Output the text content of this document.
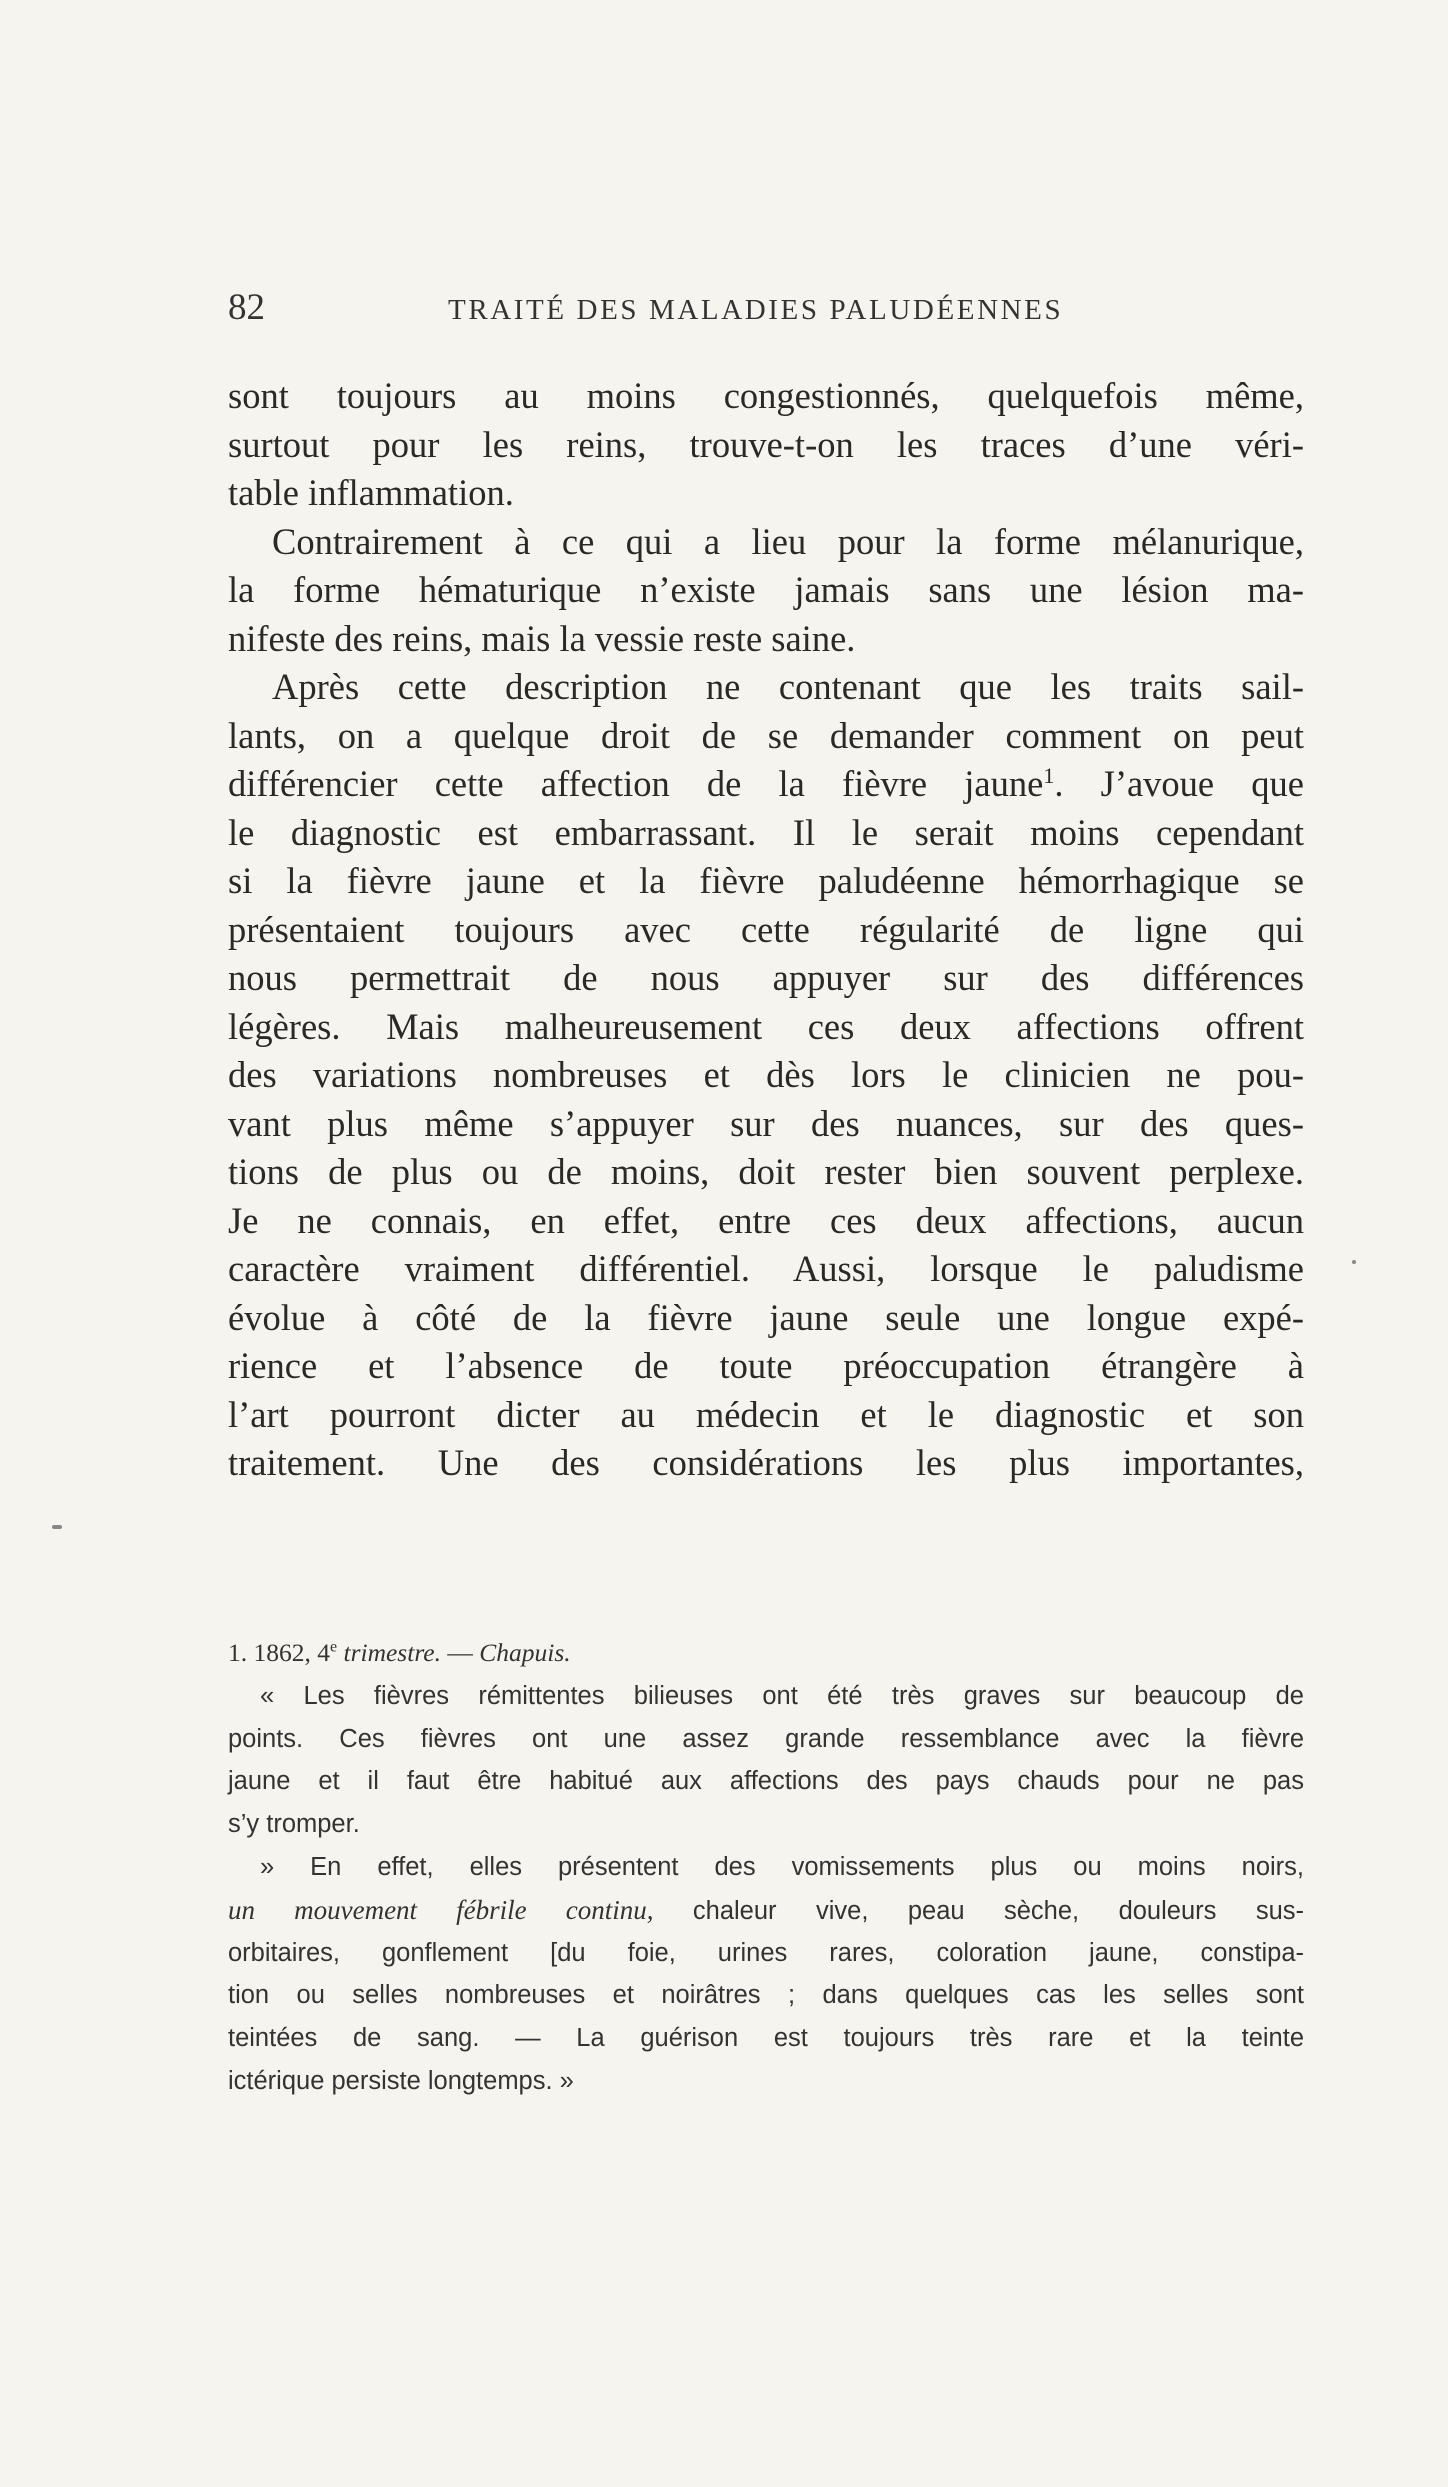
82	TRAITÉ DES MALADIES PALUDÉENNES
sont toujours au moins congestionnés, quelquefois même,
surtout pour les reins, trouve-t-on les traces d’une véri-
table inflammation.
Contrairement à ce qui a lieu pour la forme mélanurique,
la forme hématurique n’existe jamais sans une lésion ma-
nifeste des reins, mais la vessie reste saine.
Après cette description ne contenant que les traits sail-
lants, on a quelque droit de se demander comment on peut
différencier cette affection de la fièvre jaune$^1$. J’avoue que
le diagnostic est embarrassant. Il le serait moins cependant
si la fièvre jaune et la fièvre paludéenne hémorrhagique se
présentaient toujours avec cette régularité de ligne qui
nous permettrait de nous appuyer sur des différences
légères. Mais malheureusement ces deux affections offrent
des variations nombreuses et dès lors le clinicien ne pou-
vant plus même s’appuyer sur des nuances, sur des ques-
tions de plus ou de moins, doit rester bien souvent perplexe.
Je ne connais, en effet, entre ces deux affections, aucun
caractère vraiment différentiel. Aussi, lorsque le paludisme
évolue à côté de la fièvre jaune seule une longue expé-
rience et l’absence de toute préoccupation étrangère à
l’art pourront dicter au médecin et le diagnostic et son
traitement. Une des considérations les plus importantes,
1. 1862, 4e trimestre. — Chapuis.
« Les fièvres rémittentes bilieuses ont été très graves sur beaucoup de
points. Ces fièvres ont une assez grande ressemblance avec la fièvre
jaune et il faut être habitué aux affections des pays chauds pour ne pas
s’y tromper.
» En effet, elles présentent des vomissements plus ou moins noirs,
un mouvement fébrile continu, chaleur vive, peau sèche, douleurs sus-
orbitaires, gonflement [du foie, urines rares, coloration jaune, constipa-
tion ou selles nombreuses et noirâtres ; dans quelques cas les selles sont
teintées de sang. — La guérison est toujours très rare et la teinte
ictérique persiste longtemps. »
